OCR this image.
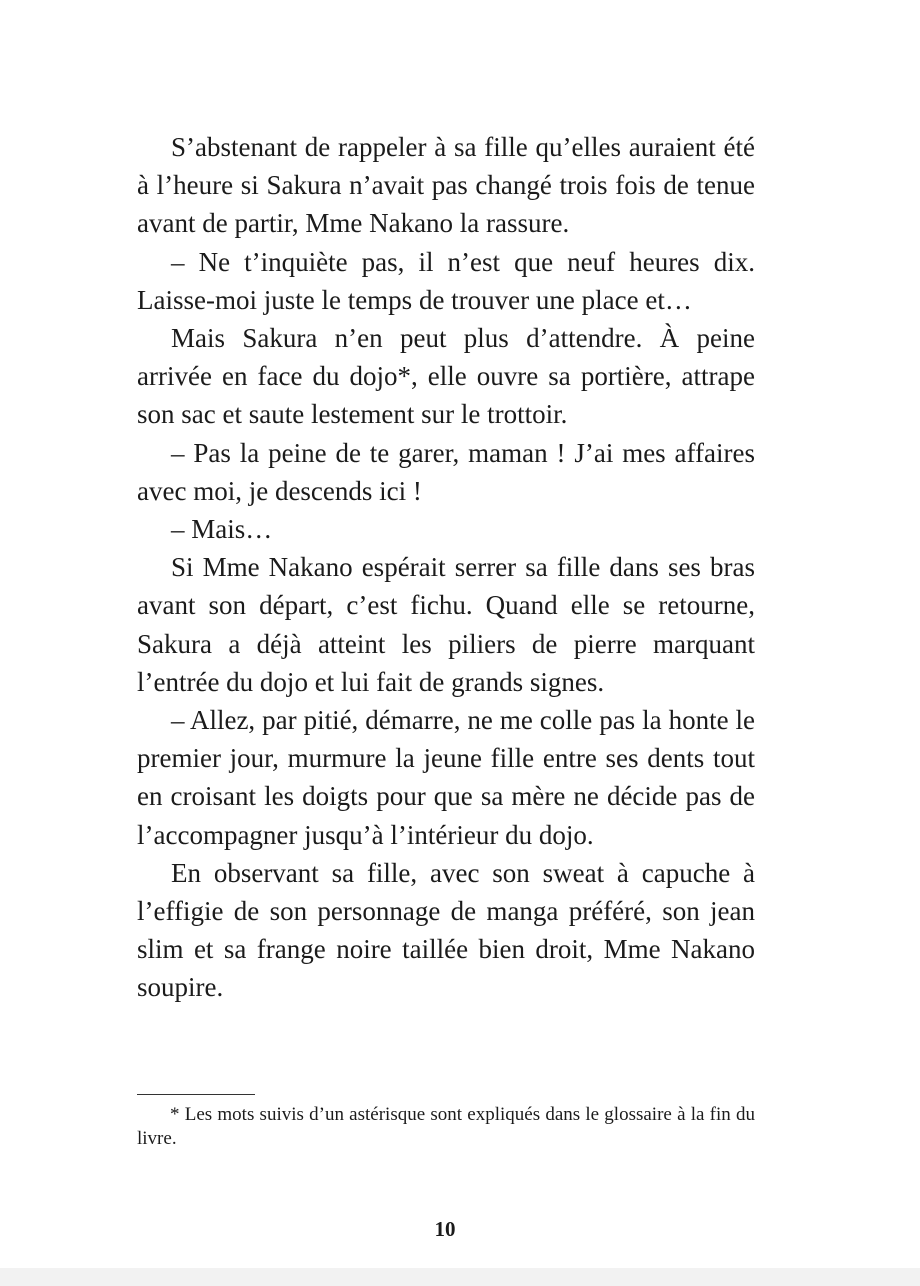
S’abstenant de rappeler à sa fille qu’elles auraient été à l’heure si Sakura n’avait pas changé trois fois de tenue avant de partir, Mme Nakano la rassure.

– Ne t’inquiète pas, il n’est que neuf heures dix. Laisse-moi juste le temps de trouver une place et…

Mais Sakura n’en peut plus d’attendre. À peine arrivée en face du dojo*, elle ouvre sa portière, attrape son sac et saute lestement sur le trottoir.

– Pas la peine de te garer, maman ! J’ai mes affaires avec moi, je descends ici !

– Mais…

Si Mme Nakano espérait serrer sa fille dans ses bras avant son départ, c’est fichu. Quand elle se retourne, Sakura a déjà atteint les piliers de pierre marquant l’entrée du dojo et lui fait de grands signes.

– Allez, par pitié, démarre, ne me colle pas la honte le premier jour, murmure la jeune fille entre ses dents tout en croisant les doigts pour que sa mère ne décide pas de l’accompagner jusqu’à l’intérieur du dojo.

En observant sa fille, avec son sweat à capuche à l’effigie de son personnage de manga préféré, son jean slim et sa frange noire taillée bien droit, Mme Nakano soupire.

* Les mots suivis d’un astérisque sont expliqués dans le glossaire à la fin du livre.

10
